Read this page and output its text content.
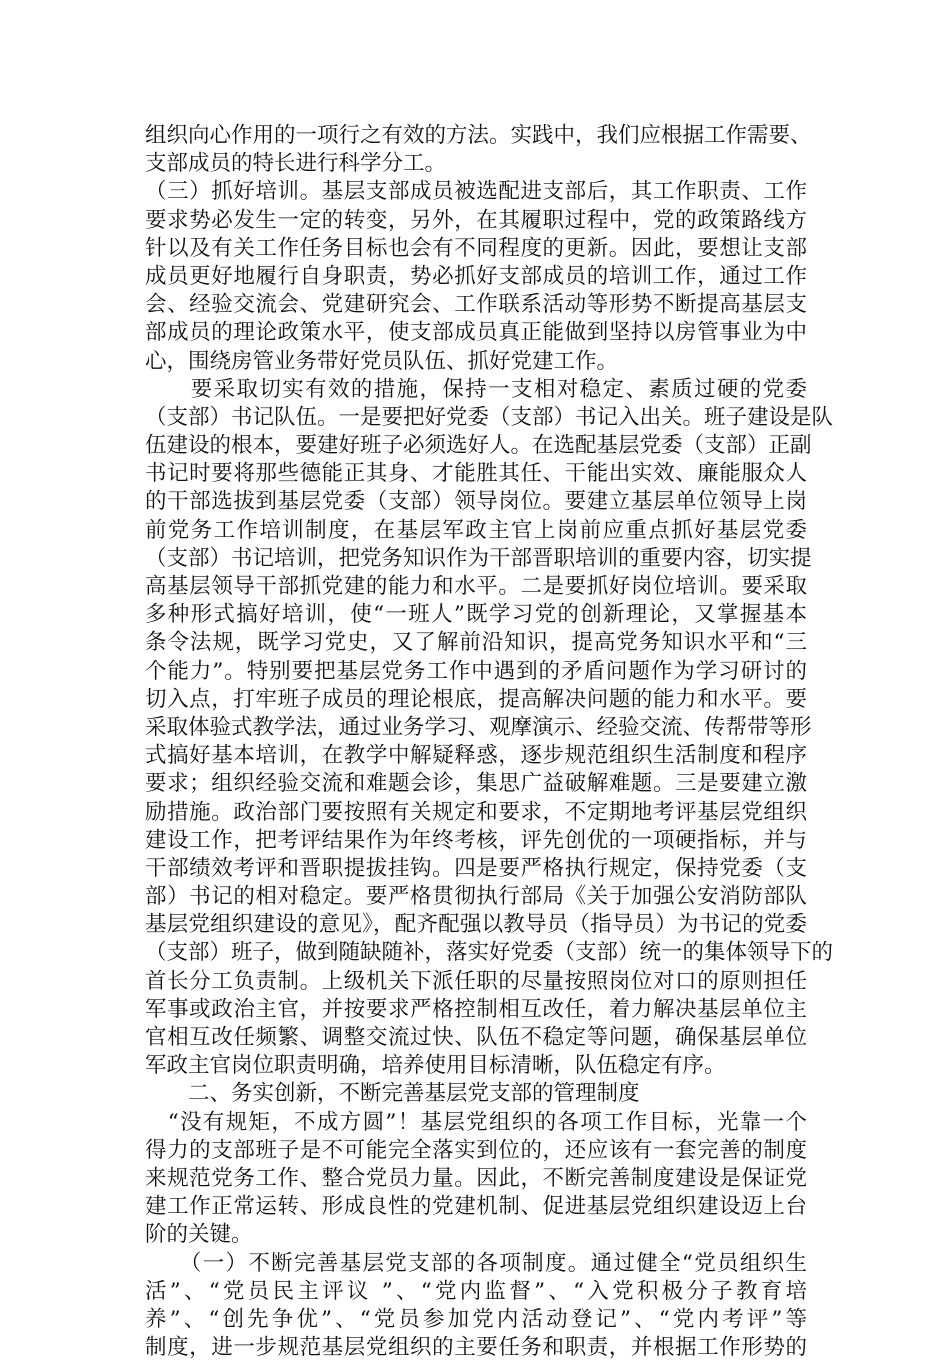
组织向心作用的一项行之有效的方法。实践中，我们应根据工作需要、
支部成员的特长进行科学分工。
（三）抓好培训。基层支部成员被选配进支部后，其工作职责、工作
要求势必发生一定的转变，另外，在其履职过程中，党的政策路线方
针以及有关工作任务目标也会有不同程度的更新。因此，要想让支部
成员更好地履行自身职责，势必抓好支部成员的培训工作，通过工作
会、经验交流会、党建研究会、工作联系活动等形势不断提高基层支
部成员的理论政策水平，使支部成员真正能做到坚持以房管事业为中
心，围绕房管业务带好党员队伍、抓好党建工作。
　　要采取切实有效的措施，保持一支相对稳定、素质过硬的党委
（支部）书记队伍。一是要把好党委（支部）书记入出关。班子建设是队
伍建设的根本，要建好班子必须选好人。在选配基层党委（支部）正副
书记时要将那些德能正其身、才能胜其任、干能出实效、廉能服众人
的干部选拔到基层党委（支部）领导岗位。要建立基层单位领导上岗
前党务工作培训制度，在基层军政主官上岗前应重点抓好基层党委
（支部）书记培训，把党务知识作为干部晋职培训的重要内容，切实提
高基层领导干部抓党建的能力和水平。二是要抓好岗位培训。要采取
多种形式搞好培训，使“一班人”既学习党的创新理论，又掌握基本
条令法规，既学习党史，又了解前沿知识，提高党务知识水平和“三
个能力”。特别要把基层党务工作中遇到的矛盾问题作为学习研讨的
切入点，打牢班子成员的理论根底，提高解决问题的能力和水平。要
采取体验式教学法，通过业务学习、观摩演示、经验交流、传帮带等形
式搞好基本培训，在教学中解疑释惑，逐步规范组织生活制度和程序
要求；组织经验交流和难题会诊，集思广益破解难题。三是要建立激
励措施。政治部门要按照有关规定和要求，不定期地考评基层党组织
建设工作，把考评结果作为年终考核，评先创优的一项硬指标，并与
干部绩效考评和晋职提拔挂钩。四是要严格执行规定，保持党委（支
部）书记的相对稳定。要严格贯彻执行部局《关于加强公安消防部队
基层党组织建设的意见》，配齐配强以教导员（指导员）为书记的党委
（支部）班子，做到随缺随补，落实好党委（支部）统一的集体领导下的
首长分工负责制。上级机关下派任职的尽量按照岗位对口的原则担任
军事或政治主官，并按要求严格控制相互改任，着力解决基层单位主
官相互改任频繁、调整交流过快、队伍不稳定等问题，确保基层单位
军政主官岗位职责明确，培养使用目标清晰，队伍稳定有序。
　　二、务实创新，不断完善基层党支部的管理制度
　“没有规矩，不成方圆”！基层党组织的各项工作目标，光靠一个
得力的支部班子是不可能完全落实到位的，还应该有一套完善的制度
来规范党务工作、整合党员力量。因此，不断完善制度建设是保证党
建工作正常运转、形成良性的党建机制、促进基层党组织建设迈上台
阶的关键。
　　（一）不断完善基层党支部的各项制度。通过健全“党员组织生
活”、“党员民主评议 ”、“党内监督”、“入党积极分子教育培
养”、“创先争优”、“党员参加党内活动登记”、“党内考评”等
制度，进一步规范基层党组织的主要任务和职责，并根据工作形势的
